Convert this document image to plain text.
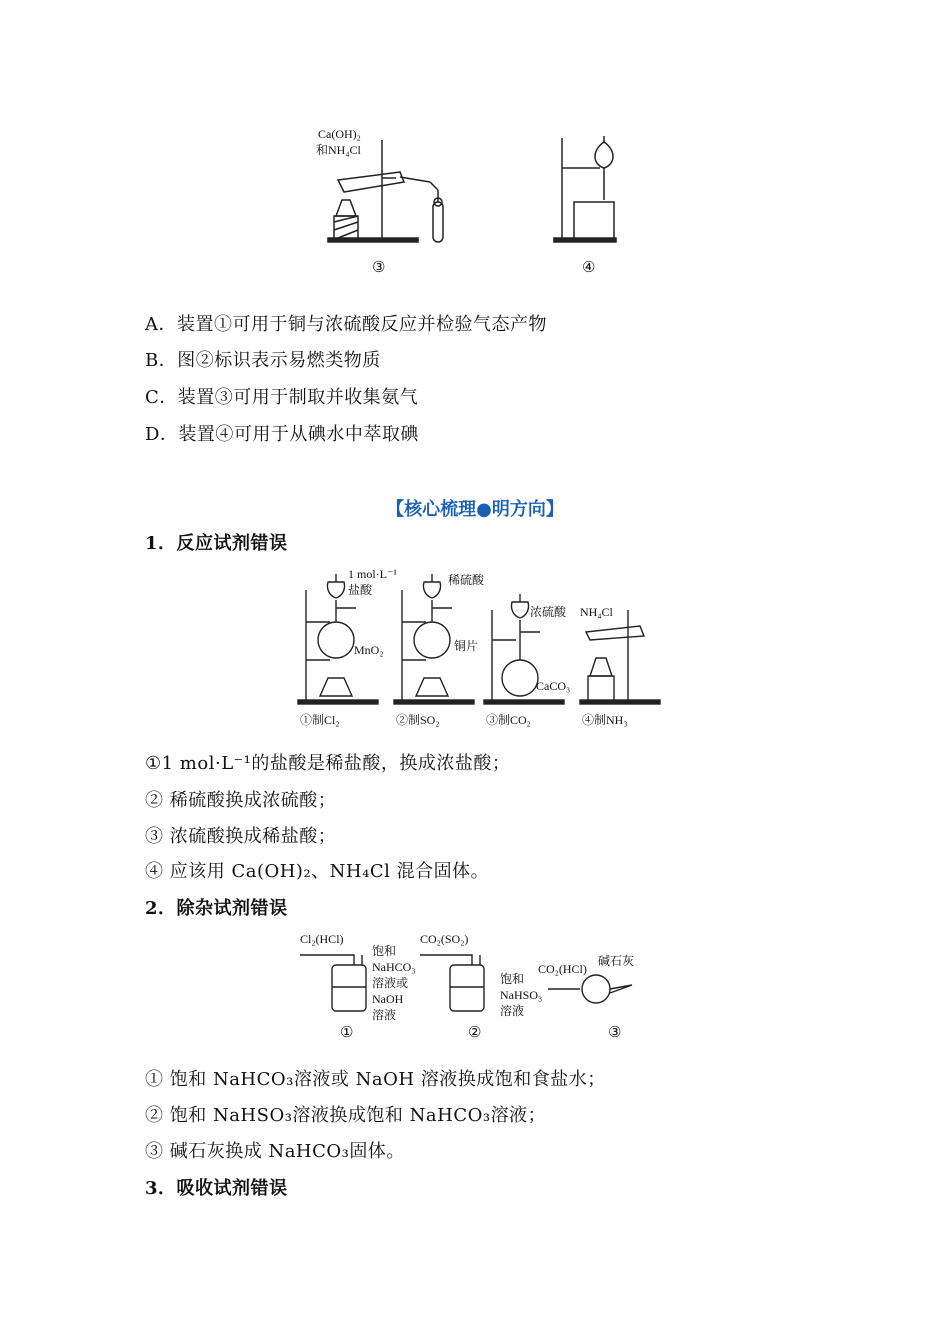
Ca(OH)₂
和NH₄Cl
③	④
A．装置①可用于铜与浓硫酸反应并检验气态产物
B．图②标识表示易燃类物质
C．装置③可用于制取并收集氨气
D．装置④可用于从碘水中萃取碘
【核心梳理●明方向】
1．反应试剂错误
1 mol·L⁻¹
盐酸
MnO₂
稀硫酸
铜片
浓硫酸
CaCO₃
NH₄Cl
①制Cl₂	②制SO₂	③制CO₂	④制NH₃
①1 mol·L⁻¹的盐酸是稀盐酸，换成浓盐酸；
② 稀硫酸换成浓硫酸；
③ 浓硫酸换成稀盐酸；
④ 应该用 Ca(OH)₂、NH₄Cl 混合固体。
2．除杂试剂错误
Cl₂(HCl)
饱和
NaHCO₃
溶液或
NaOH
溶液
CO₂(SO₂)
饱和
NaHSO₃
溶液
CO₂(HCl)
碱石灰
①	②	③
① 饱和 NaHCO₃溶液或 NaOH 溶液换成饱和食盐水；
② 饱和 NaHSO₃溶液换成饱和 NaHCO₃溶液；
③ 碱石灰换成 NaHCO₃固体。
3．吸收试剂错误
